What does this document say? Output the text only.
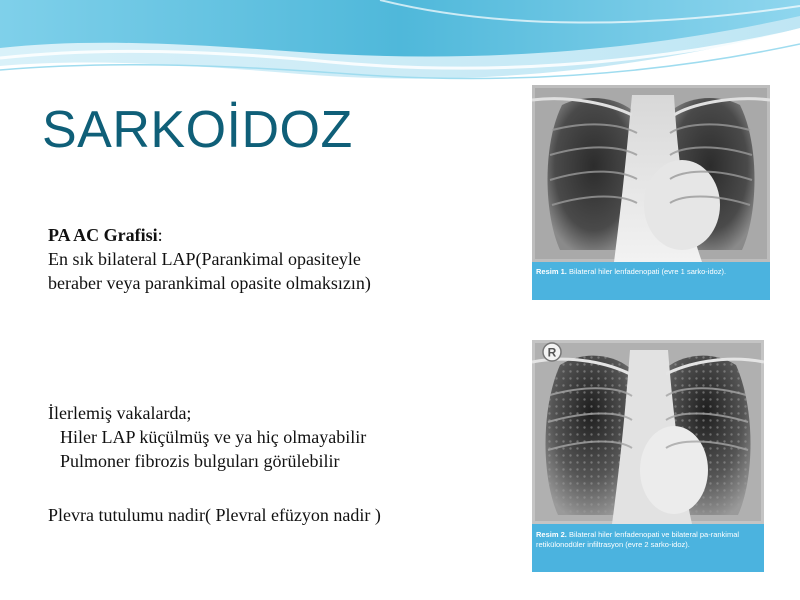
SARKOİDOZ
PA AC Grafisi:
En sık bilateral LAP(Parankimal opasiteyle
beraber veya parankimal opasite olmaksızın)
İlerlemiş vakalarda;
Hiler LAP küçülmüş ve ya hiç olmayabilir
Pulmoner fibrozis bulguları görülebilir
Plevra tutulumu nadir( Plevral efüzyon nadir )
Resim 1. Bilateral hiler lenfadenopati (evre 1 sarko-idoz).
R
Resim 2. Bilateral hiler lenfadenopati ve bilateral pa-rankimal retikülonodüler infiltrasyon (evre 2 sarko-idoz).
